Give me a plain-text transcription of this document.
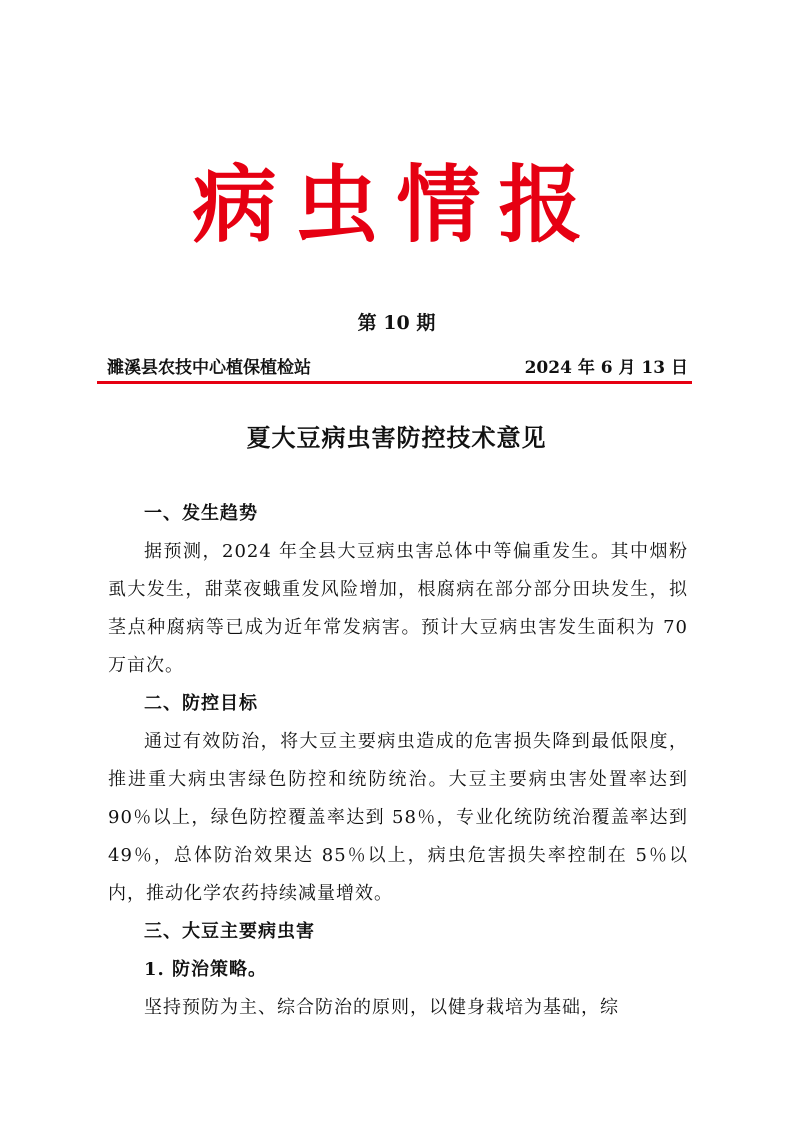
病虫情报
第 10 期
濉溪县农技中心植保植检站	2024 年 6 月 13 日
夏大豆病虫害防控技术意见
一、发生趋势

据预测，2024 年全县大豆病虫害总体中等偏重发生。其中烟粉虱大发生，甜菜夜蛾重发风险增加，根腐病在部分部分田块发生，拟茎点种腐病等已成为近年常发病害。预计大豆病虫害发生面积为 70 万亩次。

二、防控目标

通过有效防治，将大豆主要病虫造成的危害损失降到最低限度，推进重大病虫害绿色防控和统防统治。大豆主要病虫害处置率达到 90％以上，绿色防控覆盖率达到 58％，专业化统防统治覆盖率达到 49％，总体防治效果达 85％以上，病虫危害损失率控制在 5％以内，推动化学农药持续减量增效。

三、大豆主要病虫害
1. 防治策略。

坚持预防为主、综合防治的原则，以健身栽培为基础，综
